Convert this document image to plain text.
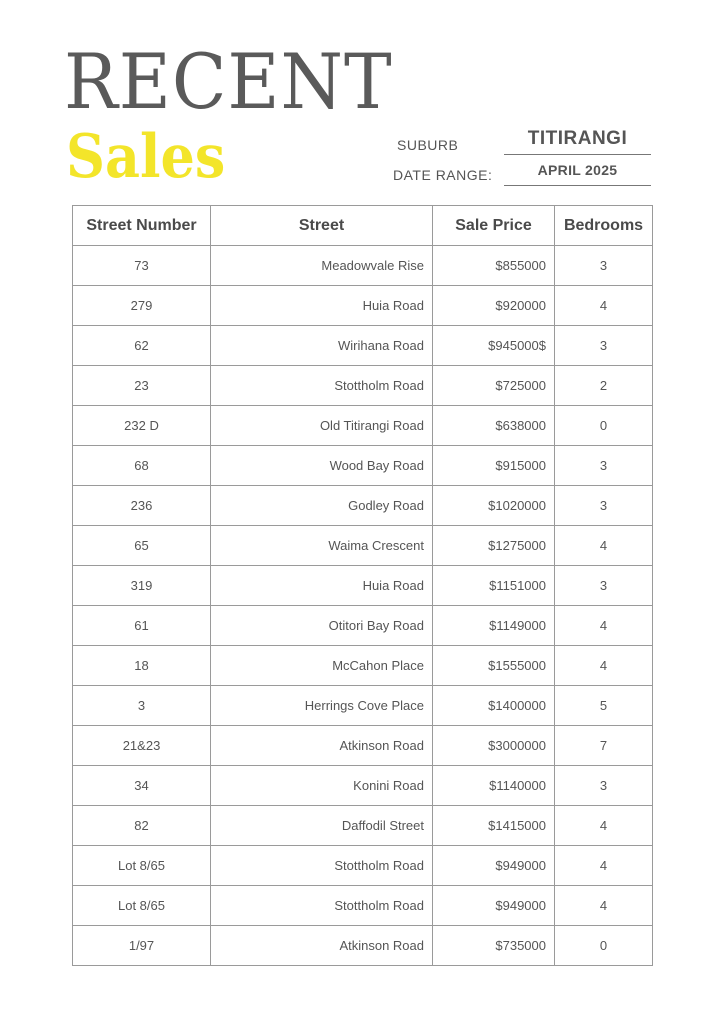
RECENT
Sales	SUBURB	TITIRANGI
DATE RANGE:	APRIL 2025
Street Number	Street	Sale Price	Bedrooms
73	Meadowvale Rise	$855000	3
279	Huia Road	$920000	4
62	Wirihana Road	$945000$	3
23	Stottholm Road	$725000	2
232 D	Old Titirangi Road	$638000	0
68	Wood Bay Road	$915000	3
236	Godley Road	$1020000	3
65	Waima Crescent	$1275000	4
319	Huia Road	$1151000	3
61	Otitori Bay Road	$1149000	4
18	McCahon Place	$1555000	4
3	Herrings Cove Place	$1400000	5
21&23	Atkinson Road	$3000000	7
34	Konini Road	$1140000	3
82	Daffodil Street	$1415000	4
Lot 8/65	Stottholm Road	$949000	4
Lot 8/65	Stottholm Road	$949000	4
1/97	Atkinson Road	$735000	0
